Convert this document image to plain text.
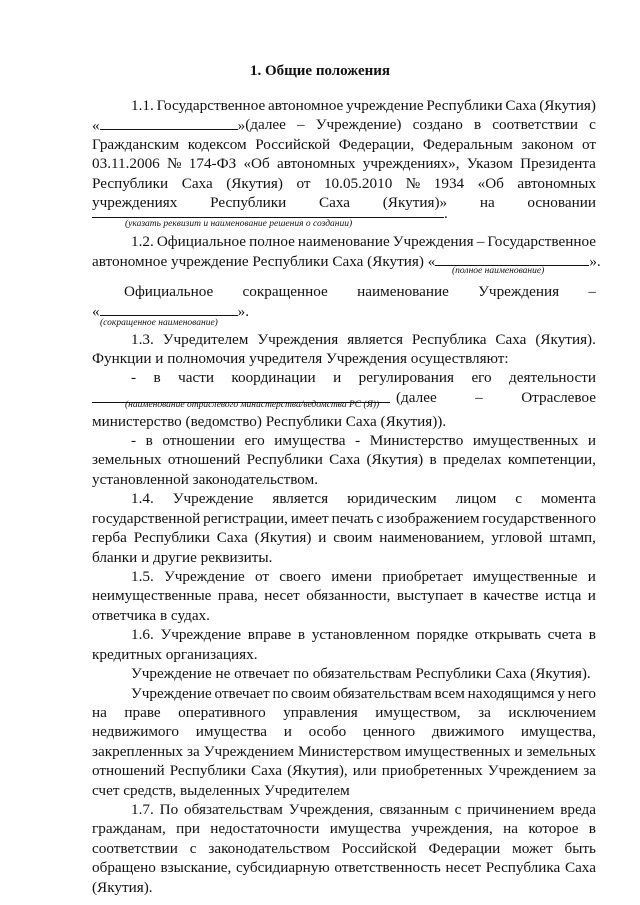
1. Общие положения
1.1. Государственное автономное учреждение Республики Саха (Якутия)
«	» (далее – Учреждение) создано в соответствии с
Гражданским кодексом Российской Федерации, Федеральным законом от
03.11.2006 № 174-ФЗ «Об автономных учреждениях», Указом Президента
Республики Саха (Якутия) от 10.05.2010 № 1934 «Об автономных
учреждениях Республики Саха (Якутия)» на основании
.
(указать реквизит и наименование решения о создании)
1.2. Официальное полное наименование Учреждения – Государственное
автономное учреждение Республики Саха (Якутия) «	».
(полное наименование)
Официальное сокращенное наименование Учреждения –
«	».
(сокращенное наименование)
1.3. Учредителем Учреждения является Республика Саха (Якутия).
Функции и полномочия учредителя Учреждения осуществляют:
- в части координации и регулирования его деятельности
(далее	–	Отраслевое
(наименование отраслевого министерства/ведомства РС (Я))
министерство (ведомство) Республики Саха (Якутия)).
- в отношении его имущества - Министерство имущественных и
земельных отношений Республики Саха (Якутия) в пределах компетенции,
установленной законодательством.
1.4. Учреждение является юридическим лицом с момента
государственной регистрации, имеет печать с изображением государственного
герба Республики Саха (Якутия) и своим наименованием, угловой штамп,
бланки и другие реквизиты.
1.5. Учреждение от своего имени приобретает имущественные и
неимущественные права, несет обязанности, выступает в качестве истца и
ответчика в судах.
1.6. Учреждение вправе в установленном порядке открывать счета в
кредитных организациях.
Учреждение не отвечает по обязательствам Республики Саха (Якутия).
Учреждение отвечает по своим обязательствам всем находящимся у него
на праве оперативного управления имуществом, за исключением
недвижимого имущества и особо ценного движимого имущества,
закрепленных за Учреждением Министерством имущественных и земельных
отношений Республики Саха (Якутия), или приобретенных Учреждением за
счет средств, выделенных Учредителем
1.7. По обязательствам Учреждения, связанным с причинением вреда
гражданам, при недостаточности имущества учреждения, на которое в
соответствии с законодательством Российской Федерации может быть
обращено взыскание, субсидиарную ответственность несет Республика Саха
(Якутия).
